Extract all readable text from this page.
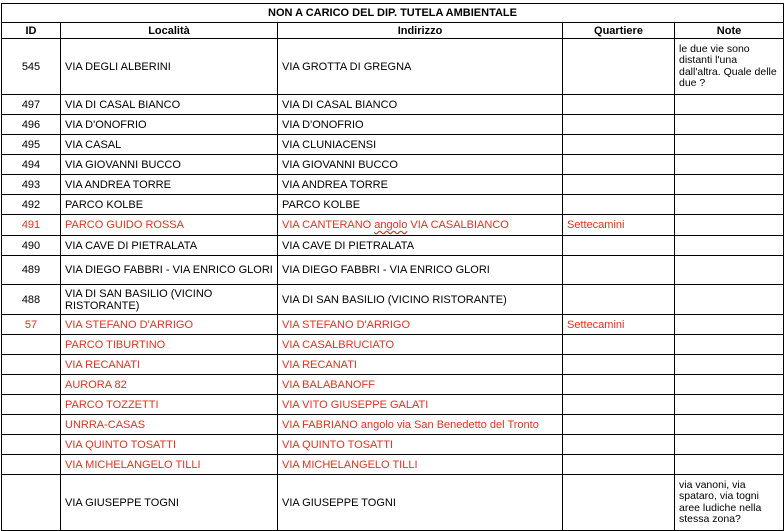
NON A CARICO DEL DIP. TUTELA AMBIENTALE				
ID	Località	Indirizzo	Quartiere	Note
545	VIA DEGLI ALBERINI	VIA GROTTA DI GREGNA		le due vie sono distanti l'una dall'altra. Quale delle due ?
497	VIA DI CASAL BIANCO	VIA DI CASAL BIANCO		
496	VIA D'ONOFRIO	VIA D'ONOFRIO		
495	VIA CASAL	VIA CLUNIACENSI		
494	VIA GIOVANNI BUCCO	VIA GIOVANNI BUCCO		
493	VIA ANDREA TORRE	VIA ANDREA TORRE		
492	PARCO KOLBE	PARCO KOLBE		
491	PARCO GUIDO ROSSA	VIA CANTERANO angolo VIA CASALBIANCO	Settecamini	
490	VIA CAVE DI PIETRALATA	VIA CAVE DI PIETRALATA		
489	VIA DIEGO FABBRI - VIA ENRICO GLORI	VIA DIEGO FABBRI - VIA ENRICO GLORI		
488	VIA DI SAN BASILIO (VICINO RISTORANTE)	VIA DI SAN BASILIO (VICINO RISTORANTE)		
57	VIA STEFANO D'ARRIGO	VIA STEFANO D'ARRIGO	Settecamini	
	PARCO TIBURTINO	VIA CASALBRUCIATO		
	VIA RECANATI	VIA RECANATI		
	AURORA 82	VIA BALABANOFF		
	PARCO TOZZETTI	VIA VITO GIUSEPPE GALATI		
	UNRRA-CASAS	VIA FABRIANO angolo via San Benedetto del Tronto		
	VIA QUINTO TOSATTI	VIA QUINTO TOSATTI		
	VIA MICHELANGELO TILLI	VIA MICHELANGELO TILLI		
	VIA GIUSEPPE TOGNI	VIA GIUSEPPE TOGNI		via vanoni, via spataro, via togni aree ludiche nella stessa zona?
